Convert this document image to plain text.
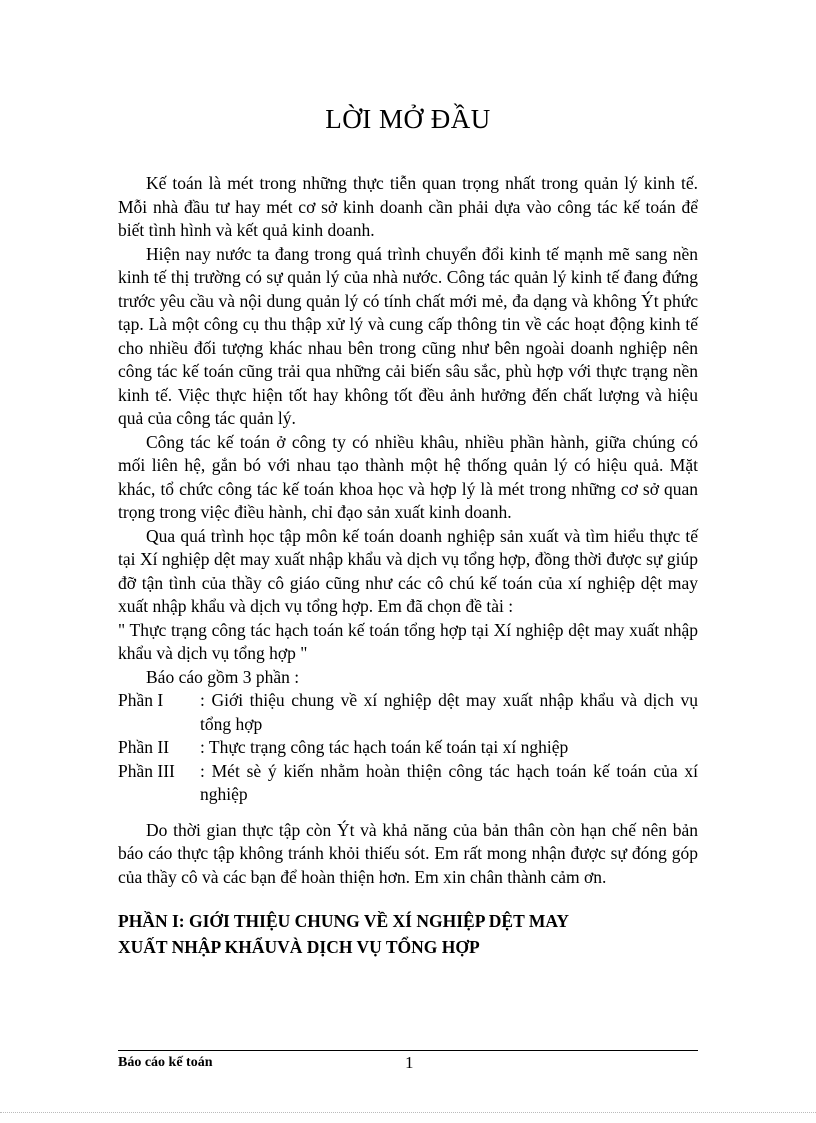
LỜI MỞ ĐẦU

Kế toán là mét trong những thực tiễn quan trọng nhất trong quản lý kinh tế. Mỗi nhà đầu tư hay mét cơ sở kinh doanh cần phải dựa vào công tác kế toán để biết tình hình và kết quả kinh doanh.

Hiện nay nước ta đang trong quá trình chuyển đổi kinh tế mạnh mẽ sang nền kinh tế thị trường có sự quản lý của nhà nước. Công tác quản lý kinh tế đang đứng trước yêu cầu và nội dung quản lý có tính chất mới mẻ, đa dạng và không Ýt phức tạp. Là một công cụ thu thập xử lý và cung cấp thông tin về các hoạt động kinh tế cho nhiều đối tượng khác nhau bên trong cũng như bên ngoài doanh nghiệp nên công tác kế toán cũng trải qua những cải biến sâu sắc, phù hợp với thực trạng nền kinh tế. Việc thực hiện tốt hay không tốt đều ảnh hưởng đến chất lượng và hiệu quả của công tác quản lý.

Công tác kế toán ở công ty có nhiều khâu, nhiều phần hành, giữa chúng có mối liên hệ, gắn bó với nhau tạo thành một hệ thống quản lý có hiệu quả. Mặt khác, tổ chức công tác kế toán khoa học và hợp lý là mét trong những cơ sở quan trọng trong việc điều hành, chỉ đạo sản xuất kinh doanh.

Qua quá trình học tập môn kế toán doanh nghiệp sản xuất và tìm hiểu thực tế tại Xí nghiệp dệt may xuất nhập khẩu và dịch vụ tổng hợp, đồng thời được sự giúp đỡ tận tình của thầy cô giáo cũng như các cô chú kế toán của xí nghiệp dệt may xuất nhập khẩu và dịch vụ tổng hợp. Em đã chọn đề tài :

" Thực trạng công tác hạch toán kế toán tổng hợp tại Xí nghiệp dệt may xuất nhập khẩu và dịch vụ tổng hợp "

Báo cáo gồm 3 phần :

Phần I	: Giới thiệu chung về xí nghiệp dệt may xuất nhập khẩu và dịch vụ tổng hợp
Phần II	: Thực trạng công tác hạch toán kế toán tại xí nghiệp
Phần III	: Mét sè ý kiến nhằm hoàn thiện công tác hạch toán kế toán của xí nghiệp

Do thời gian thực tập còn Ýt và khả năng của bản thân còn hạn chế nên bản báo cáo thực tập không tránh khỏi thiếu sót. Em rất mong nhận được sự đóng góp của thầy cô và các bạn để hoàn thiện hơn. Em xin chân thành cảm ơn.

PHẦN I: GIỚI THIỆU CHUNG VỀ XÍ NGHIỆP DỆT MAY
XUẤT NHẬP KHẨUVÀ DỊCH VỤ TỔNG HỢP
Báo cáo kế toán	1
